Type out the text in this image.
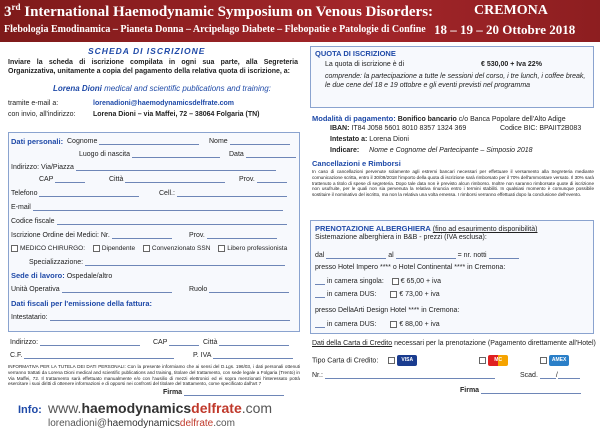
3rd International Haemodynamic Symposium on Venous Disorders:	CREMONA
Flebologia Emodinamica – Pianeta Donna – Arcipelago Diabete – Flebopatie e Patologie di Confine 18 – 19 – 20 Ottobre 2018
SCHEDA DI ISCRIZIONE
Inviare la scheda di iscrizione compilata in ogni sua parte, alla Segreteria Organizzativa, unitamente a copia del pagamento della relativa quota di iscrizione, a:
Lorena Dioni medical and scientific publications and training:
tramite e-mail a:	lorenadioni@haemodynamicsdelfrate.com
con invio, all'indirizzo:	Lorena Dioni – via Maffei, 72 – 38064 Folgaria (TN)
Dati personali: Cognome	Nome
Luogo di nascita	Data
Indirizzo: Via/Piazza
CAP	Città	Prov.
Telefono	Cell.:
E-mail
Codice fiscale
Iscrizione Ordine dei Medici: Nr.	Prov.
MEDICO CHIRURGO:	Dipendente	Convenzionato SSN	Libero professionista
Specializzazione:
Sede di lavoro: Ospedale/altro
Unità Operativa	Ruolo
Dati fiscali per l'emissione della fattura:
Intestatario:
Indirizzo:	CAP	Città
C.F.	P. IVA
INFORMATIVA PER LA TUTELA DEI DATI PERSONALI: Con la presente informiamo che ai sensi del D.Lgs. 196/03, i dati personali ottenuti verranno trattati da Lorena Dioni medical and scientific publications and training, titolare del trattamento, con sede legale a Folgaria (Trento) in Via Maffei, 72. Il trattamento sarà effettuato manualmente e/o con l'ausilio di mezzi elettronici ed ei sopra menzionati l'interessato potrà esercitare i suoi diritti di ottenere informazioni e di opporsi nei confronti del titolare del trattamento, come specificato dall'art 7
Firma
QUOTA DI ISCRIZIONE
La quota di iscrizione è di	€ 530,00 + Iva 22%
comprende: la partecipazione a tutte le sessioni del corso, i tre lunch, i coffee break, le due cene del 18 e 19 ottobre e gli eventi previsti nel programma
Modalità di pagamento: Bonifico bancario c/o Banca Popolare dell'Alto Adige
IBAN: IT84 J058 5601 8010 8357 1324 369	Codice BIC: BPAIIT2B083
Intestato a: Lorena Dioni
Indicare: Nome e Cognome del Partecipante – Simposio 2018
Cancellazioni e Rimborsi
In caso di cancellazioni pervenute solamente agli estremi bancari necessari per effettuare il versamento alla Segreteria mediante comunicazione scritta, entro il 30/09/2018 l'importo della quota di iscrizione sarà rimborsato per il 70% dell'ammontare versato. Il 30% sarà trattenuto a titolo di spese di segreteria. Dopo tale data non è previsto alcun rimborso. Inoltre non saranno rimborsate quote di iscrizione non usufruite, per le quali non sia pervenuta la relativa rinuncia entro i termini stabiliti. In qualsiasi momento è comunque possibile sostituire il nominativo del iscritto, ma non la relativa una volta emessa. I rimborsi verranno effettuati dopo la conclusione dell'evento.
PRENOTAZIONE ALBERGHIERA (fino ad esaurimento disponibilità)
Sistemazione alberghiera in B&B - prezzi (IVA esclusa):
dal	al	= nr. notti
presso Hotel Impero **** o Hotel Continental **** in Cremona:
in camera singola: € 65,00 + iva
in camera DUS:	€ 73,00 + iva
presso DellaArti Design Hotel **** in Cremona:
in camera DUS:	€ 88,00 + iva
Dati della Carta di Credito necessari per la prenotazione (Pagamento direttamente all'Hotel)
Tipo Carta di Credito:	VISA	MC	AMEX
Nr.:	Scad.	/
Firma
Info: www.haemodynamicsdelfrate.com
lorenadioni@haemodynamicsdelfrate.com
